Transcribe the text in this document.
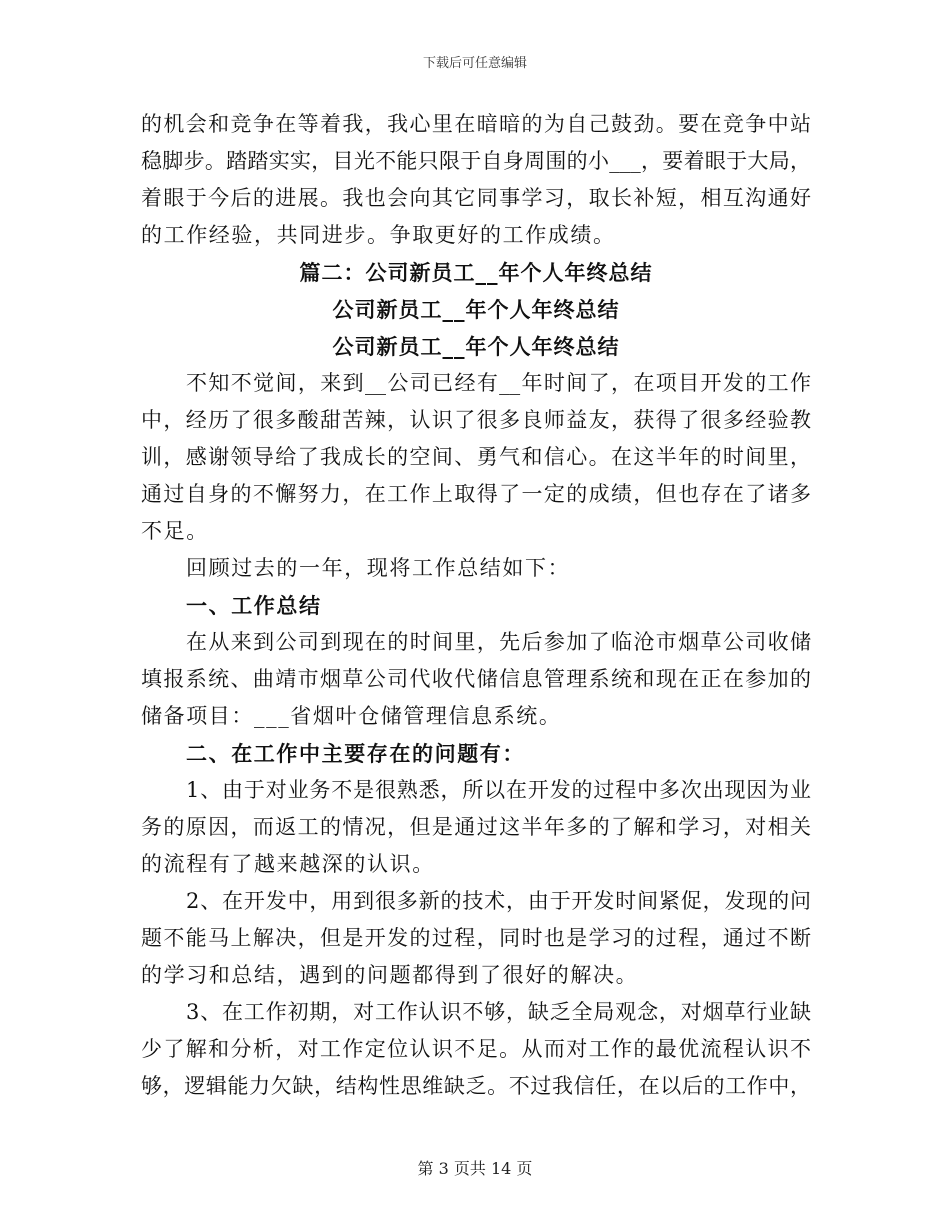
下载后可任意编辑
的机会和竞争在等着我，我心里在暗暗的为自己鼓劲。要在竞争中站
稳脚步。踏踏实实，目光不能只限于自身周围的小___，要着眼于大局，
着眼于今后的进展。我也会向其它同事学习，取长补短，相互沟通好
的工作经验，共同进步。争取更好的工作成绩。
篇二：公司新员工__年个人年终总结
公司新员工__年个人年终总结
公司新员工__年个人年终总结
不知不觉间，来到__公司已经有__年时间了，在项目开发的工作
中，经历了很多酸甜苦辣，认识了很多良师益友，获得了很多经验教
训，感谢领导给了我成长的空间、勇气和信心。在这半年的时间里，
通过自身的不懈努力，在工作上取得了一定的成绩，但也存在了诸多
不足。
回顾过去的一年，现将工作总结如下：
一、工作总结
在从来到公司到现在的时间里，先后参加了临沧市烟草公司收储
填报系统、曲靖市烟草公司代收代储信息管理系统和现在正在参加的
储备项目：___省烟叶仓储管理信息系统。
二、在工作中主要存在的问题有：
1、由于对业务不是很熟悉，所以在开发的过程中多次出现因为业
务的原因，而返工的情况，但是通过这半年多的了解和学习，对相关
的流程有了越来越深的认识。
2、在开发中，用到很多新的技术，由于开发时间紧促，发现的问
题不能马上解决，但是开发的过程，同时也是学习的过程，通过不断
的学习和总结，遇到的问题都得到了很好的解决。
3、在工作初期，对工作认识不够，缺乏全局观念，对烟草行业缺
少了解和分析，对工作定位认识不足。从而对工作的最优流程认识不
够，逻辑能力欠缺，结构性思维缺乏。不过我信任，在以后的工作中，
第 3 页共 14 页
